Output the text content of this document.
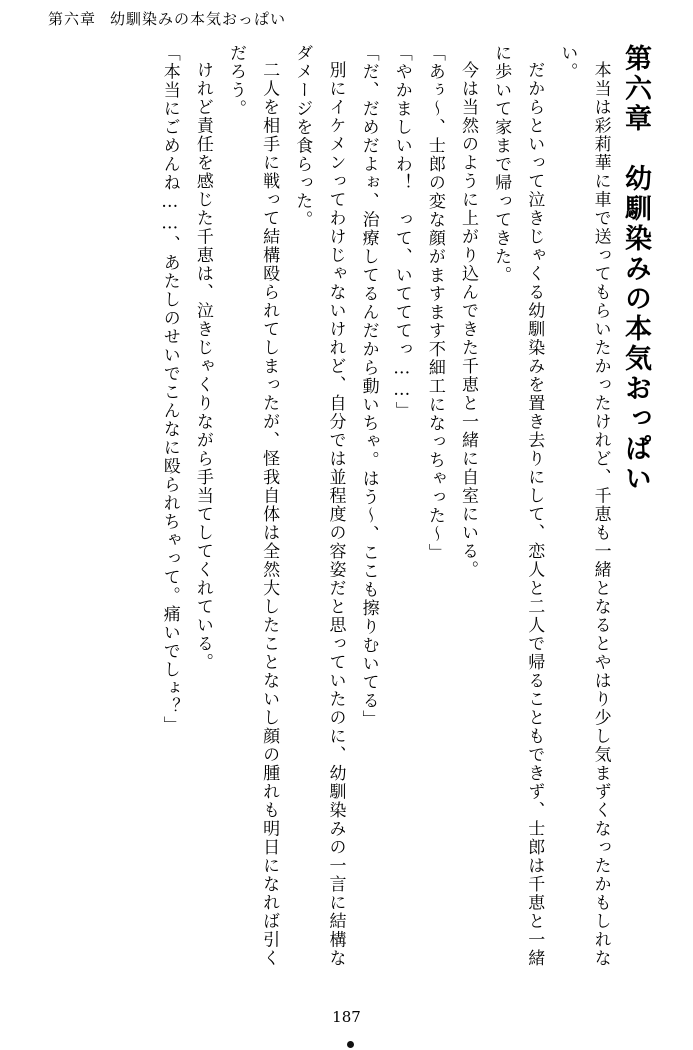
第六章 幼馴染みの本気おっぱい
第六章　幼馴染みの本気おっぱい

本当は彩莉華に車で送ってもらいたかったけれど、千恵も一緒となるとやはり少し気まずくなったかもしれない。

だからといって泣きじゃくる幼馴染みを置き去りにして、恋人と二人で帰ることもできず、士郎は千恵と一緒に歩いて家まで帰ってきた。

今は当然のように上がり込んできた千恵と一緒に自室にいる。

「あぅ～、士郎の変な顔がますます不細工になっちゃった～」

「やかましいわ！　って、いてててっ……」

「だ、だめだよぉ、治療してるんだから動いちゃ。はう～、ここも擦りむいてる」

別にイケメンってわけじゃないけれど、自分では並程度の容姿だと思っていたのに、幼馴染みの一言に結構なダメージを食らった。

二人を相手に戦って結構殴られてしまったが、怪我自体は全然大したことないし顔の腫れも明日になれば引くだろう。

けれど責任を感じた千恵は、泣きじゃくりながら手当てしてくれている。

「本当にごめんね……、あたしのせいでこんなに殴られちゃって。痛いでしょ？」

187
